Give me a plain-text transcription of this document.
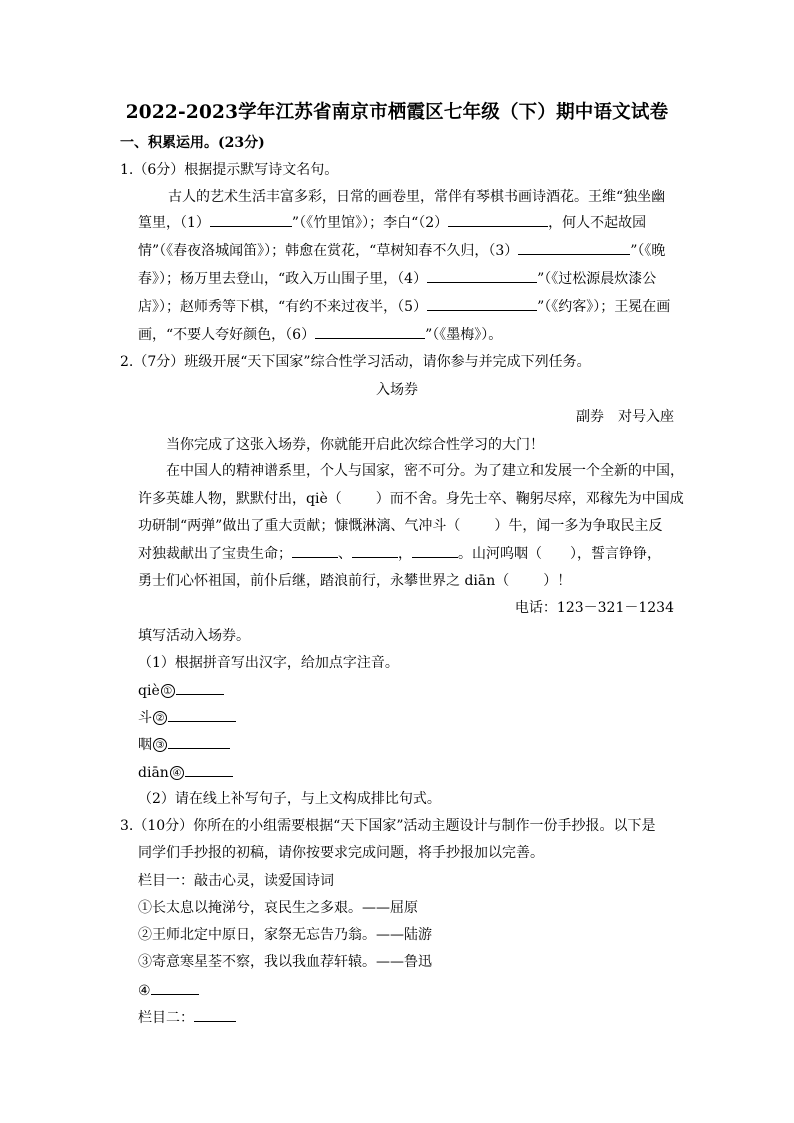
2022-2023学年江苏省南京市栖霞区七年级（下）期中语文试卷
一、积累运用。(23分)
1.（6分）根据提示默写诗文名句。
古人的艺术生活丰富多彩，日常的画卷里，常伴有琴棋书画诗酒花。王维“独坐幽
篁里，（1）	”（《竹里馆》）；李白“（2）	，何人不起故园
情”（《春夜洛城闻笛》）；韩愈在赏花，“草树知春不久归，（3）	”（《晚
春》）；杨万里去登山，“政入万山围子里，（4）	”（《过松源晨炊漆公
店》）；赵师秀等下棋，“有约不来过夜半，（5）	”（《约客》）；王冕在画
画，“不要人夸好颜色，（6）	”（《墨梅》）。
2.（7分）班级开展“天下国家”综合性学习活动，请你参与并完成下列任务。
入场券
副券　对号入座
当你完成了这张入场券，你就能开启此次综合性学习的大门！
在中国人的精神谱系里，个人与国家，密不可分。为了建立和发展一个全新的中国，
许多英雄人物，默默付出，qiè（ ）而不舍。身先士卒、鞠躬尽瘁，邓稼先为中国成
功研制“两弹”做出了重大贡献；慷慨淋漓、气冲斗（ ）牛，闻一多为争取民主反
对独裁献出了宝贵生命；	、	，	。山河呜咽（ ），誓言铮铮，
勇士们心怀祖国，前仆后继，踏浪前行，永攀世界之 diān（ ）！
电话：123－321－1234
填写活动入场券。
（1）根据拼音写出汉字，给加点字注音。
qiè ①
斗 ②
咽 ③
diān ④
（2）请在线上补写句子，与上文构成排比句式。
3.（10分）你所在的小组需要根据“天下国家”活动主题设计与制作一份手抄报。以下是
同学们手抄报的初稿，请你按要求完成问题，将手抄报加以完善。
栏目一：敲击心灵，读爱国诗词
①长太息以掩涕兮，哀民生之多艰。——屈原
②王师北定中原日，家祭无忘告乃翁。——陆游
③寄意寒星荃不察，我以我血荐轩辕。——鲁迅
④
栏目二：
